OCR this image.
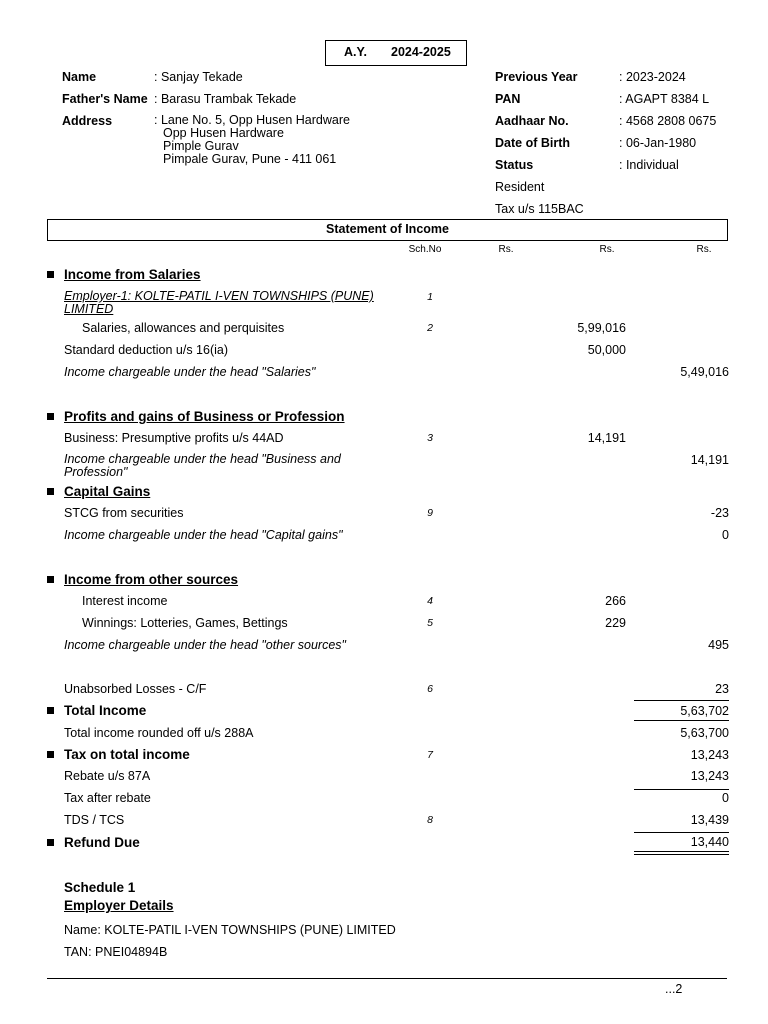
A.Y. 2024-2025
Name	: Sanjay Tekade
Father's Name : Barasu Trambak Tekade
Address	: Lane No. 5, Opp Husen Hardware
Opp Husen Hardware
Pimple Gurav
Pimpale Gurav, Pune - 411 061
Previous Year	: 2023-2024
PAN	: AGAPT 8384 L
Aadhaar No.	: 4568 2808 0675
Date of Birth	: 06-Jan-1980
Status	: Individual
Resident
Tax u/s 115BAC
Statement of Income
Sch.No	Rs.	Rs.	Rs.
Income from Salaries
Employer-1: KOLTE-PATIL I-VEN TOWNSHIPS (PUNE) LIMITED
1
Salaries, allowances and perquisites	2	5,99,016
Standard deduction u/s 16(ia)	50,000
Income chargeable under the head "Salaries"	5,49,016
Profits and gains of Business or Profession
Business: Presumptive profits u/s 44AD	3	14,191
Income chargeable under the head "Business and Profession"
14,191
Capital Gains
STCG from securities	9	-23
Income chargeable under the head "Capital gains"	0
Income from other sources
Interest income	4	266
Winnings: Lotteries, Games, Bettings	5	229
Income chargeable under the head "other sources"	495
Unabsorbed Losses - C/F	6	23
Total Income	5,63,702
Total income rounded off u/s 288A	5,63,700
Tax on total income	7	13,243
Rebate u/s 87A	13,243
Tax after rebate	0
TDS / TCS	8	13,439
Refund Due	13,440
Schedule 1
Employer Details
Name: KOLTE-PATIL I-VEN TOWNSHIPS (PUNE) LIMITED
TAN: PNEI04894B
...2
